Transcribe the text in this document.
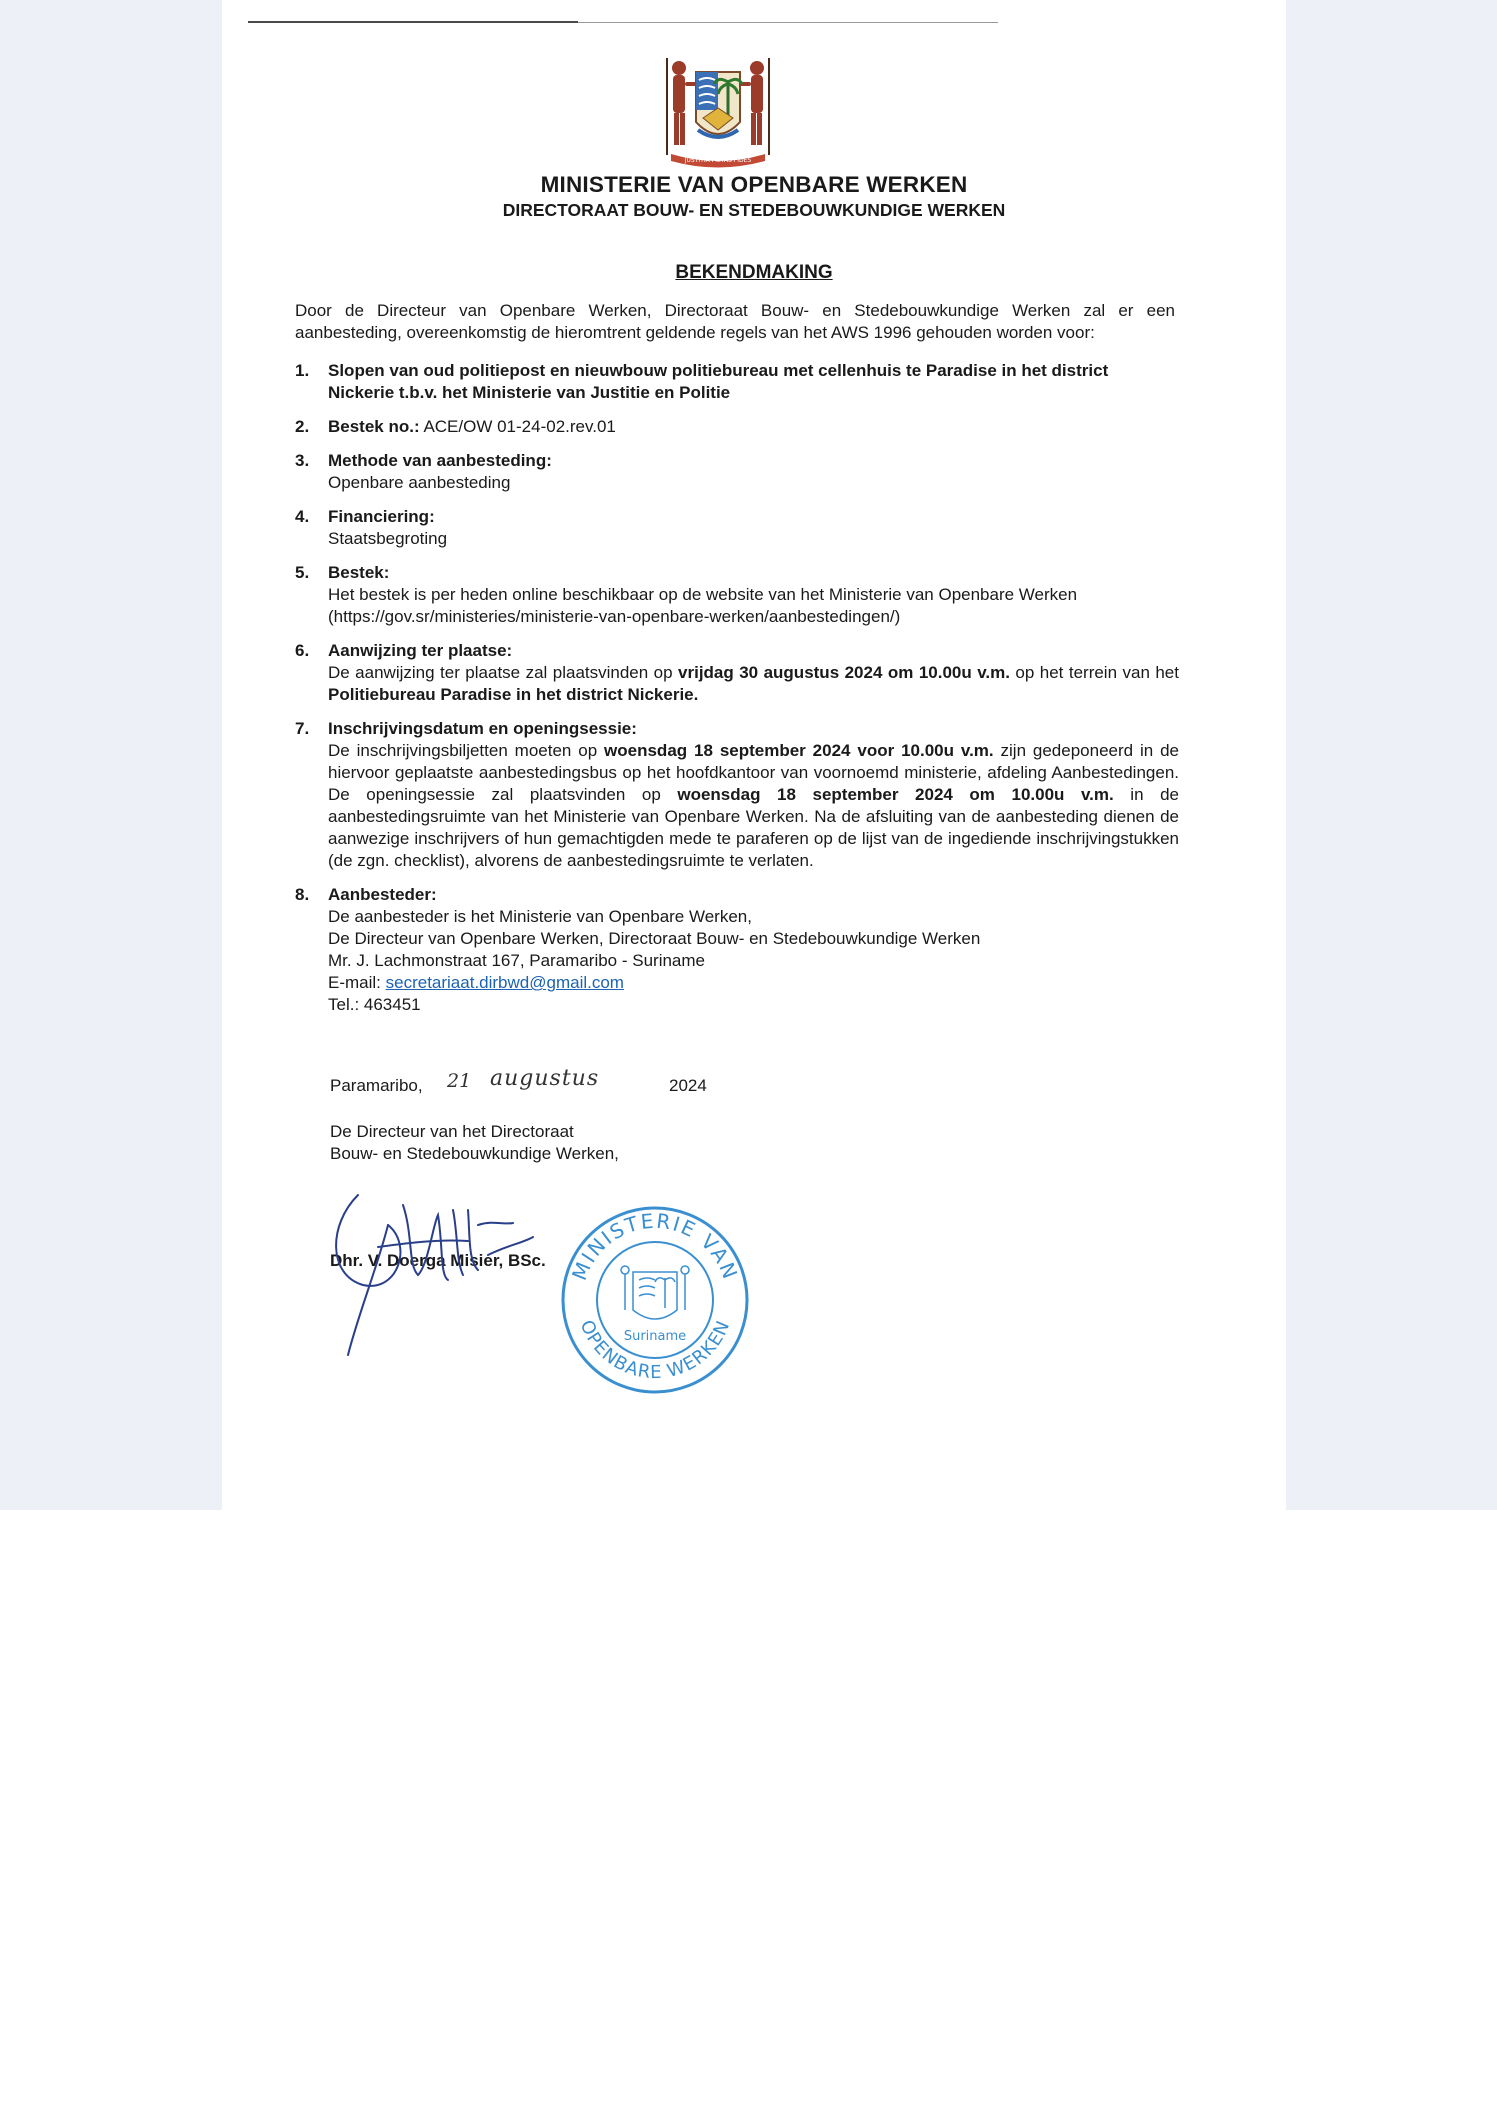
JUSTITIA PIETAS FIDES
MINISTERIE VAN OPENBARE WERKEN
DIRECTORAAT BOUW- EN STEDEBOUWKUNDIGE WERKEN
BEKENDMAKING

Door de Directeur van Openbare Werken, Directoraat Bouw- en Stedebouwkundige Werken zal er een aanbesteding, overeenkomstig de hieromtrent geldende regels van het AWS 1996 gehouden worden voor:

1. Slopen van oud politiepost en nieuwbouw politiebureau met cellenhuis te Paradise in het district Nickerie t.b.v. het Ministerie van Justitie en Politie
2. Bestek no.: ACE/OW 01-24-02.rev.01
3. Methode van aanbesteding:
Openbare aanbesteding
4. Financiering:
Staatsbegroting
5. Bestek:
Het bestek is per heden online beschikbaar op de website van het Ministerie van Openbare Werken
(https://gov.sr/ministeries/ministerie-van-openbare-werken/aanbestedingen/)
6. Aanwijzing ter plaatse:
De aanwijzing ter plaatse zal plaatsvinden op vrijdag 30 augustus 2024 om 10.00u v.m. op het terrein van het Politiebureau Paradise in het district Nickerie.
7. Inschrijvingsdatum en openingsessie:
De inschrijvingsbiljetten moeten op woensdag 18 september 2024 voor 10.00u v.m. zijn gedeponeerd in de hiervoor geplaatste aanbestedingsbus op het hoofdkantoor van voornoemd ministerie, afdeling Aanbestedingen. De openingsessie zal plaatsvinden op woensdag 18 september 2024 om 10.00u v.m. in de aanbestedingsruimte van het Ministerie van Openbare Werken. Na de afsluiting van de aanbesteding dienen de aanwezige inschrijvers of hun gemachtigden mede te paraferen op de lijst van de ingediende inschrijvingstukken (de zgn. checklist), alvorens de aanbestedingsruimte te verlaten.
8. Aanbesteder:
De aanbesteder is het Ministerie van Openbare Werken,
De Directeur van Openbare Werken, Directoraat Bouw- en Stedebouwkundige Werken
Mr. J. Lachmonstraat 167, Paramaribo - Suriname
E-mail: secretariaat.dirbwd@gmail.com
Tel.: 463451
Paramaribo, 21 augustus	2024
De Directeur van het Directoraat
Bouw- en Stedebouwkundige Werken,
Dhr. V. Doerga Misier, BSc. MINISTERIE VAN
OPENBARE WERKEN
Suriname
